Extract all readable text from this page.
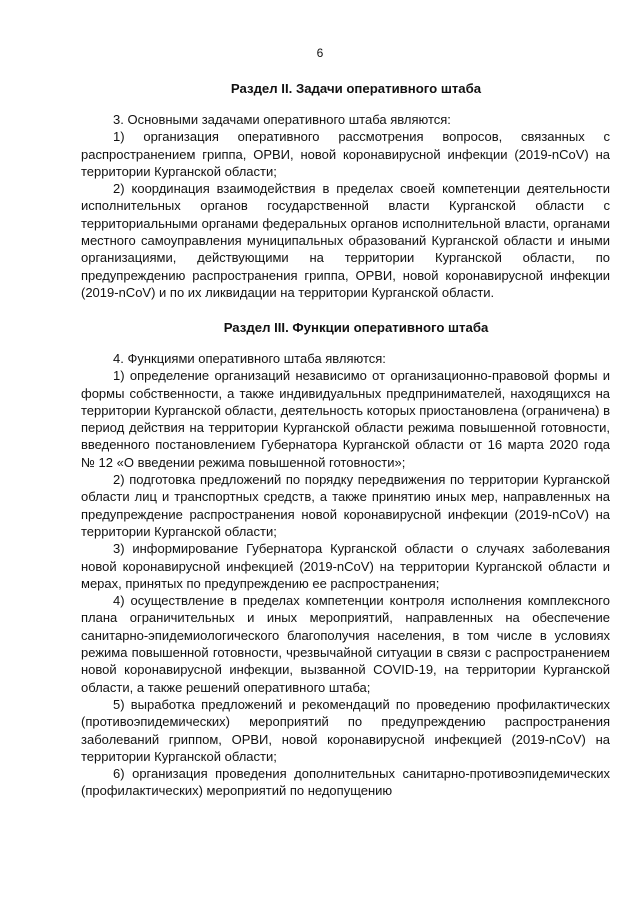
6
Раздел II. Задачи оперативного штаба

3. Основными задачами оперативного штаба являются:

1) организация оперативного рассмотрения вопросов, связанных с распространением гриппа, ОРВИ, новой коронавирусной инфекции (2019-nCoV) на территории Курганской области;

2) координация взаимодействия в пределах своей компетенции деятельности исполнительных органов государственной власти Курганской области с территориальными органами федеральных органов исполнительной власти, органами местного самоуправления муниципальных образований Курганской области и иными организациями, действующими на территории Курганской области, по предупреждению распространения гриппа, ОРВИ, новой коронавирусной инфекции (2019-nCoV) и по их ликвидации на территории Курганской области.

Раздел III. Функции оперативного штаба

4. Функциями оперативного штаба являются:

1) определение организаций независимо от организационно-правовой формы и формы собственности, а также индивидуальных предпринимателей, находящихся на территории Курганской области, деятельность которых приостановлена (ограничена) в период действия на территории Курганской области режима повышенной готовности, введенного постановлением Губернатора Курганской области от 16 марта 2020 года № 12 «О введении режима повышенной готовности»;

2) подготовка предложений по порядку передвижения по территории Курганской области лиц и транспортных средств, а также принятию иных мер, направленных на предупреждение распространения новой коронавирусной инфекции (2019-nCoV) на территории Курганской области;

3) информирование Губернатора Курганской области о случаях заболевания новой коронавирусной инфекцией (2019-nCoV) на территории Курганской области и мерах, принятых по предупреждению ее распространения;

4) осуществление в пределах компетенции контроля исполнения комплексного плана ограничительных и иных мероприятий, направленных на обеспечение санитарно-эпидемиологического благополучия населения, в том числе в условиях режима повышенной готовности, чрезвычайной ситуации в связи с распространением новой коронавирусной инфекции, вызванной COVID-19, на территории Курганской области, а также решений оперативного штаба;

5) выработка предложений и рекомендаций по проведению профилактических (противоэпидемических) мероприятий по предупреждению распространения заболеваний гриппом, ОРВИ, новой коронавирусной инфекцией (2019-nCoV) на территории Курганской области;

6) организация проведения дополнительных санитарно-противоэпидемических (профилактических) мероприятий по недопущению
